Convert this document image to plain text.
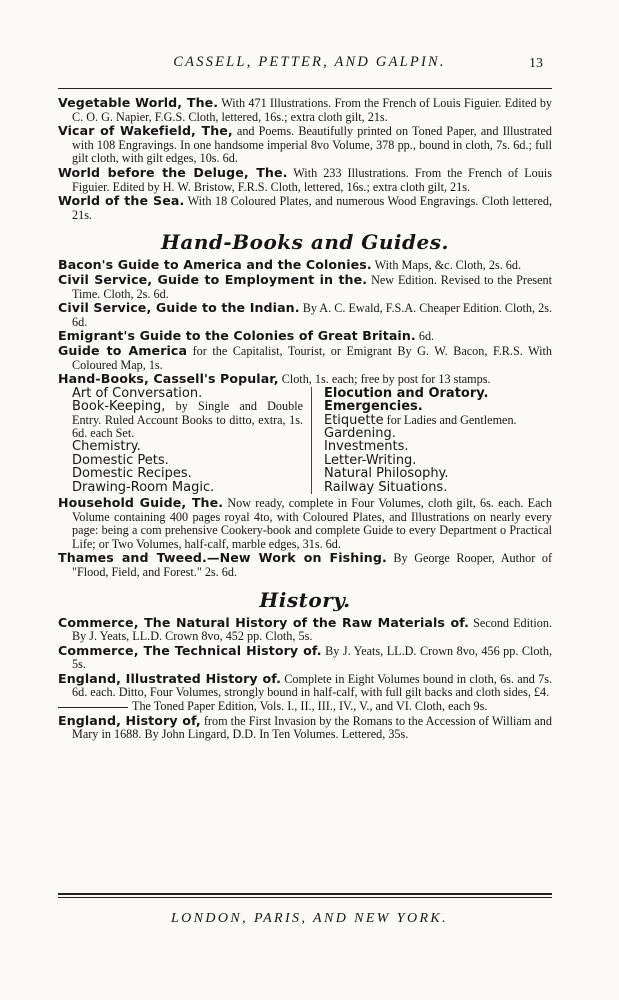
CASSELL, PETTER, AND GALPIN.	13

Vegetable World, The. With 471 Illustrations. From the French of Louis Figuier. Edited by C. O. G. Napier, F.G.S. Cloth, lettered, 16s.; extra cloth gilt, 21s.

Vicar of Wakefield, The, and Poems. Beautifully printed on Toned Paper, and Illustrated with 108 Engravings. In one handsome imperial 8vo Volume, 378 pp., bound in cloth, 7s. 6d.; full gilt cloth, with gilt edges, 10s. 6d.

World before the Deluge, The. With 233 Illustrations. From the French of Louis Figuier. Edited by H. W. Bristow, F.R.S. Cloth, lettered, 16s.; extra cloth gilt, 21s.

World of the Sea. With 18 Coloured Plates, and numerous Wood Engravings. Cloth lettered, 21s.

Hand-Books and Guides.

Bacon's Guide to America and the Colonies. With Maps, &c. Cloth, 2s. 6d.

Civil Service, Guide to Employment in the. New Edition. Revised to the Present Time. Cloth, 2s. 6d.

Civil Service, Guide to the Indian. By A. C. Ewald, F.S.A. Cheaper Edition. Cloth, 2s. 6d.

Emigrant's Guide to the Colonies of Great Britain. 6d.

Guide to America for the Capitalist, Tourist, or Emigrant By G. W. Bacon, F.R.S. With Coloured Map, 1s.

Hand-Books, Cassell's Popular, Cloth, 1s. each; free by post for 13 stamps.

Art of Conversation.
Book-Keeping, by Single and Double Entry. Ruled Account Books to ditto, extra, 1s. 6d. each Set.
Chemistry.
Domestic Pets.
Domestic Recipes.
Drawing-Room Magic.
Elocution and Oratory.
Emergencies.
Etiquette for Ladies and Gentlemen.
Gardening.
Investments.
Letter-Writing.
Natural Philosophy.
Railway Situations.

Household Guide, The. Now ready, complete in Four Volumes, cloth gilt, 6s. each. Each Volume containing 400 pages royal 4to, with Coloured Plates, and Illustrations on nearly every page: being a com prehensive Cookery-book and complete Guide to every Department o Practical Life; or Two Volumes, half-calf, marble edges, 31s. 6d.

Thames and Tweed.—New Work on Fishing. By George Rooper, Author of "Flood, Field, and Forest." 2s. 6d.

History.

Commerce, The Natural History of the Raw Materials of. Second Edition. By J. Yeats, LL.D. Crown 8vo, 452 pp. Cloth, 5s.

Commerce, The Technical History of. By J. Yeats, LL.D. Crown 8vo, 456 pp. Cloth, 5s.

England, Illustrated History of. Complete in Eight Volumes bound in cloth, 6s. and 7s. 6d. each. Ditto, Four Volumes, strongly bound in half-calf, with full gilt backs and cloth sides, £4.

The Toned Paper Edition, Vols. I., II., III., IV., V., and VI. Cloth, each 9s.

England, History of, from the First Invasion by the Romans to the Accession of William and Mary in 1688. By John Lingard, D.D. In Ten Volumes. Lettered, 35s.

LONDON, PARIS, AND NEW YORK.
